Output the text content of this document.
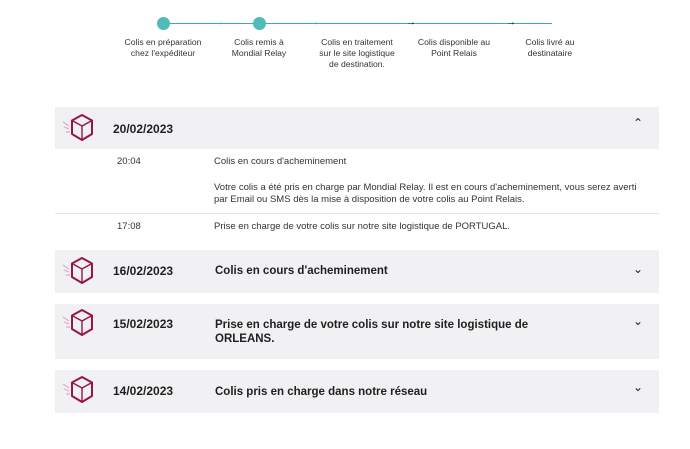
Colis en préparation chez l'expéditeur
→
Colis remis à Mondial Relay
→
Colis en traitement sur le site logistique de destination.
→
Colis disponible au Point Relais
→
Colis livré au destinataire
20/02/2023	⌃
20:04	Colis en cours d'acheminement
Votre colis a été pris en charge par Mondial Relay. Il est en cours d'acheminement, vous serez averti par Email ou SMS dès la mise à disposition de votre colis au Point Relais.
17:08	Prise en charge de votre colis sur notre site logistique de PORTUGAL.
16/02/2023	Colis en cours d'acheminement	⌄
15/02/2023	Prise en charge de votre colis sur notre site logistique de ORLEANS.
⌄
14/02/2023	Colis pris en charge dans notre réseau	⌄
